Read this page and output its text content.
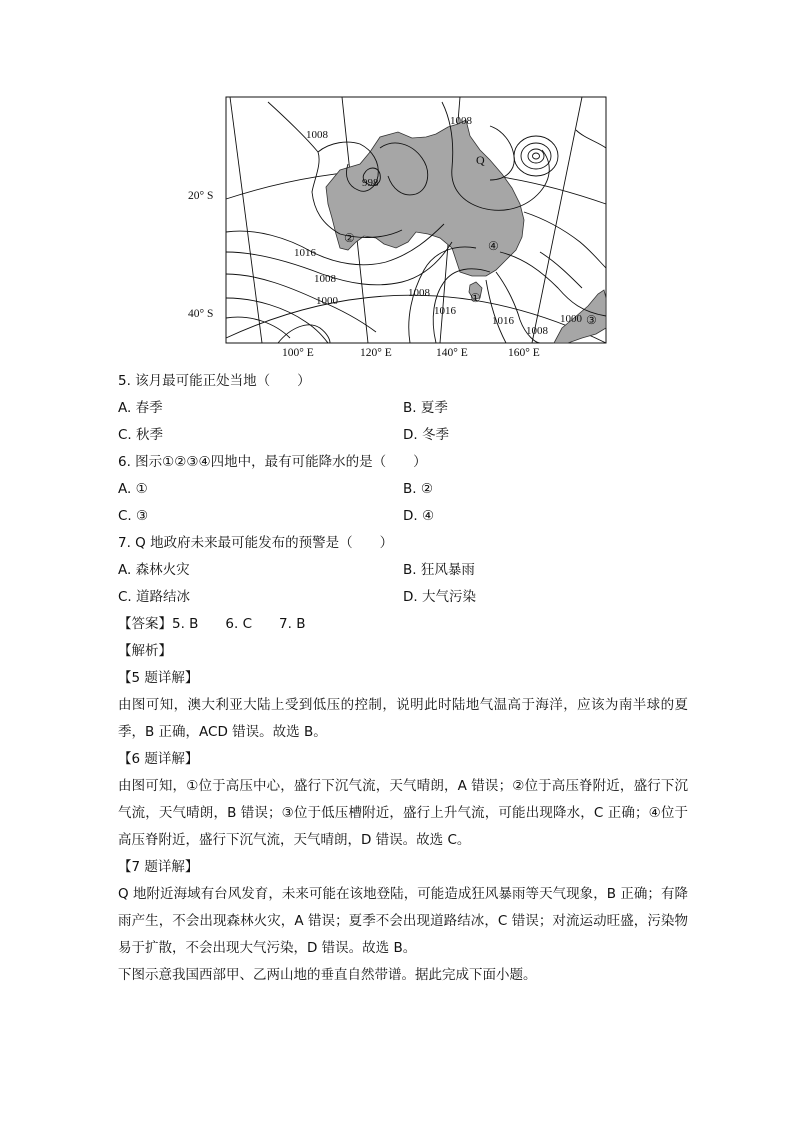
1008
1008
998
1016
1008
1000
1008
1016
1016
1008
1000
Q
①
②
③
④
20° S
40° S
100° E	120° E	140° E	160° E
5. 该月最可能正处当地（　　）
A. 春季	B. 夏季
C. 秋季	D. 冬季
6. 图示①②③④四地中，最有可能降水的是（　　）
A. ①	B. ②
C. ③	D. ④
7. Q 地政府未来最可能发布的预警是（　　）
A. 森林火灾	B. 狂风暴雨
C. 道路结冰	D. 大气污染
【答案】5. B　　6. C　　7. B
【解析】
【5 题详解】
由图可知，澳大利亚大陆上受到低压的控制，说明此时陆地气温高于海洋，应该为南半球的夏季，B 正确，ACD 错误。故选 B。
【6 题详解】
由图可知，①位于高压中心，盛行下沉气流，天气晴朗，A 错误；②位于高压脊附近，盛行下沉气流，天气晴朗，B 错误；③位于低压槽附近，盛行上升气流，可能出现降水，C 正确；④位于高压脊附近，盛行下沉气流，天气晴朗，D 错误。故选 C。
【7 题详解】
Q 地附近海域有台风发育，未来可能在该地登陆，可能造成狂风暴雨等天气现象，B 正确；有降雨产生，不会出现森林火灾，A 错误；夏季不会出现道路结冰，C 错误；对流运动旺盛，污染物易于扩散，不会出现大气污染，D 错误。故选 B。
下图示意我国西部甲、乙两山地的垂直自然带谱。据此完成下面小题。
